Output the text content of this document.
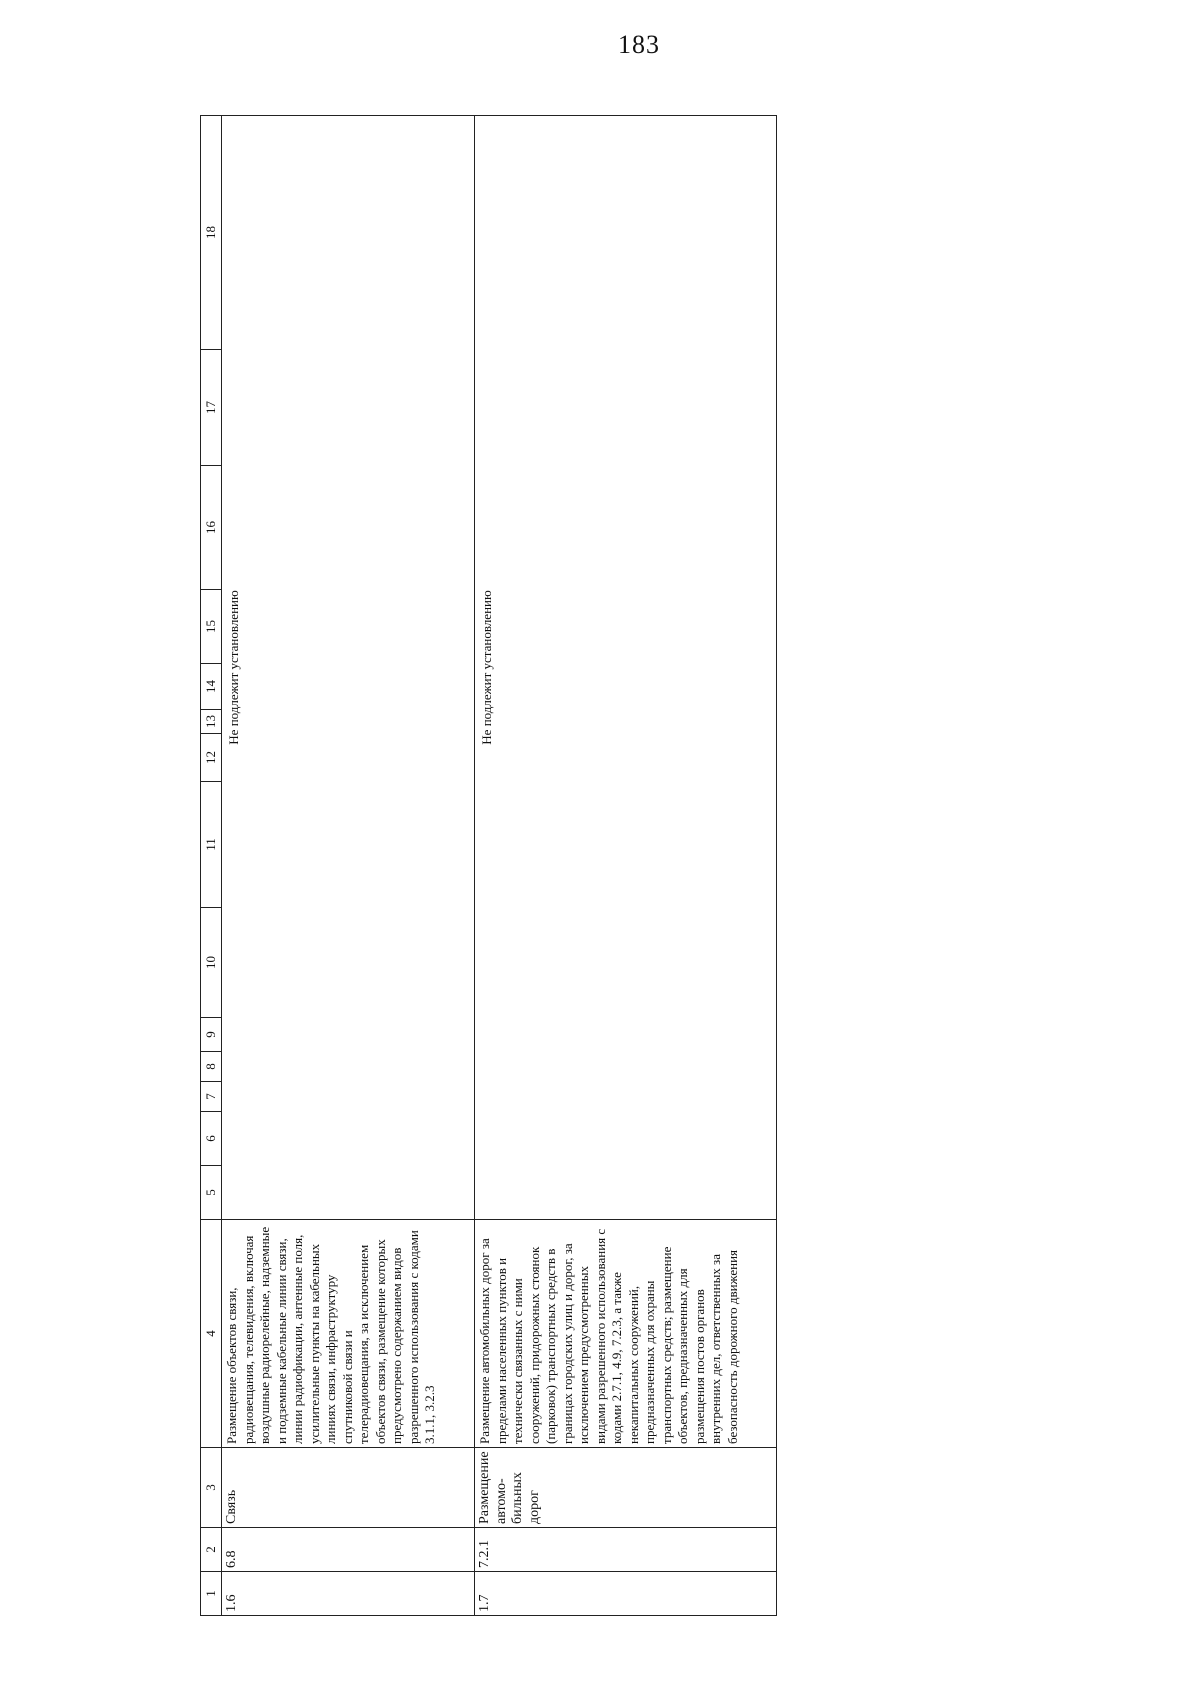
183
1	2	3	4	5	6	7	8	9	10	11	12	13	14	15	16	17	18
1.6	6.8	Связь	Размещение объектов связи, радиовещания, телевидения, включая воздушные радиорелейные, надземные и подземные кабельные линии связи, линии радиофикации, антенные поля, усилительные пункты на кабельных линиях связи, инфраструктуру спутниковой связи и телерадиовещания, за исключением объектов связи, размещение которых предусмотрено содержанием видов разрешенного использования с кодами 3.1.1, 3.2.3	Не подлежит установлению													
1.7	7.2.1	Размещение автомо-бильных дорог	Размещение автомобильных дорог за пределами населенных пунктов и технически связанных с ними сооружений, придорожных стоянок (парковок) транспортных средств в границах городских улиц и дорог, за исключением предусмотренных видами разрешенного использования с кодами 2.7.1, 4.9, 7.2.3, а также некапитальных сооружений, предназначенных для охраны транспортных средств; размещение объектов, предназначенных для размещения постов органов внутренних дел, ответственных за безопасность дорожного движения	Не подлежит установлению													
